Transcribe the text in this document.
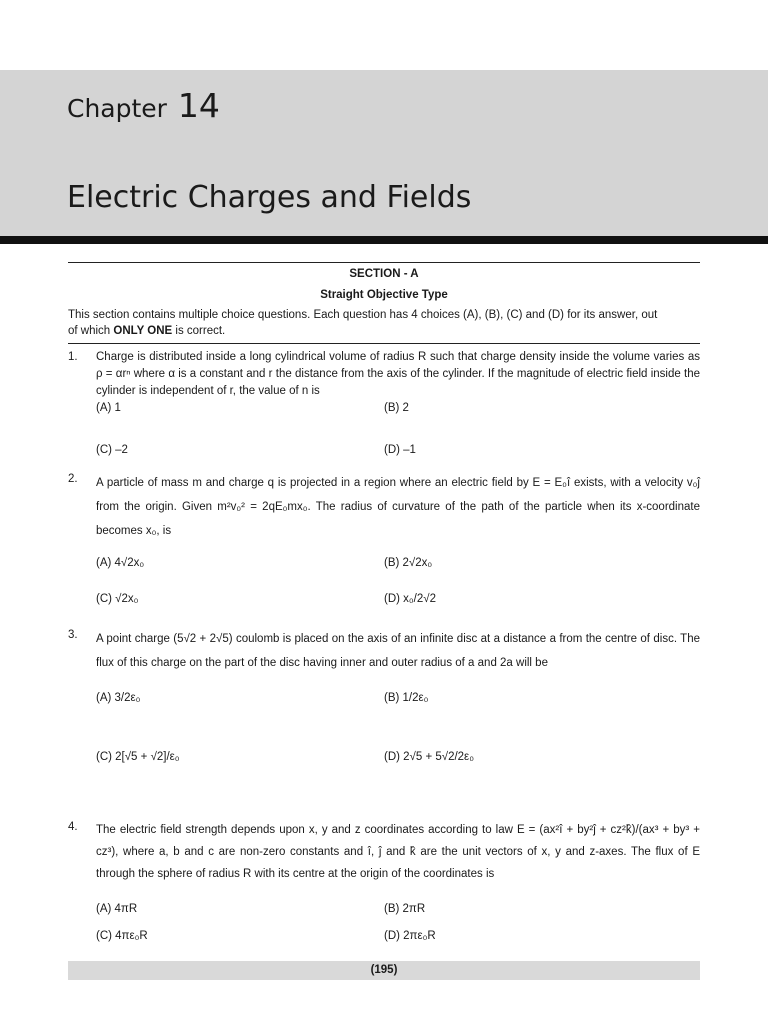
Chapter 14
Electric Charges and Fields
SECTION - A
Straight Objective Type
This section contains multiple choice questions. Each question has 4 choices (A), (B), (C) and (D) for its answer, out
of which ONLY ONE is correct.
1. Charge is distributed inside a long cylindrical volume of radius R such that charge density inside the volume varies as ρ = αrⁿ where α is a constant and r the distance from the axis of the cylinder. If the magnitude of electric field inside the cylinder is independent of r, the value of n is
(A) 1	(B) 2
(C) –2	(D) –1
2. A particle of mass m and charge q is projected in a region where an electric field by E = E₀î exists, with a velocity v₀ĵ from the origin. Given m²v₀² = 2qE₀mx₀. The radius of curvature of the path of the particle when its x-coordinate becomes x₀, is
(A) 4√2x₀	(B) 2√2x₀
(C) √2x₀	(D) x₀/2√2
3. A point charge (5√2 + 2√5) coulomb is placed on the axis of an infinite disc at a distance a from the centre of disc. The flux of this charge on the part of the disc having inner and outer radius of a and 2a will be
(A) 3/2ε₀	(B) 1/2ε₀
(C) 2[√5 + √2]/ε₀	(D) 2√5 + 5√2/2ε₀
4. The electric field strength depends upon x, y and z coordinates according to law E = (ax²î + by²ĵ + cz²k̂)/(ax³ + by³ + cz³), where a, b and c are non-zero constants and î, ĵ and k̂ are the unit vectors of x, y and z-axes. The flux of E through the sphere of radius R with its centre at the origin of the coordinates is
(A) 4πR	(B) 2πR
(C) 4πε₀R	(D) 2πε₀R
(195)
